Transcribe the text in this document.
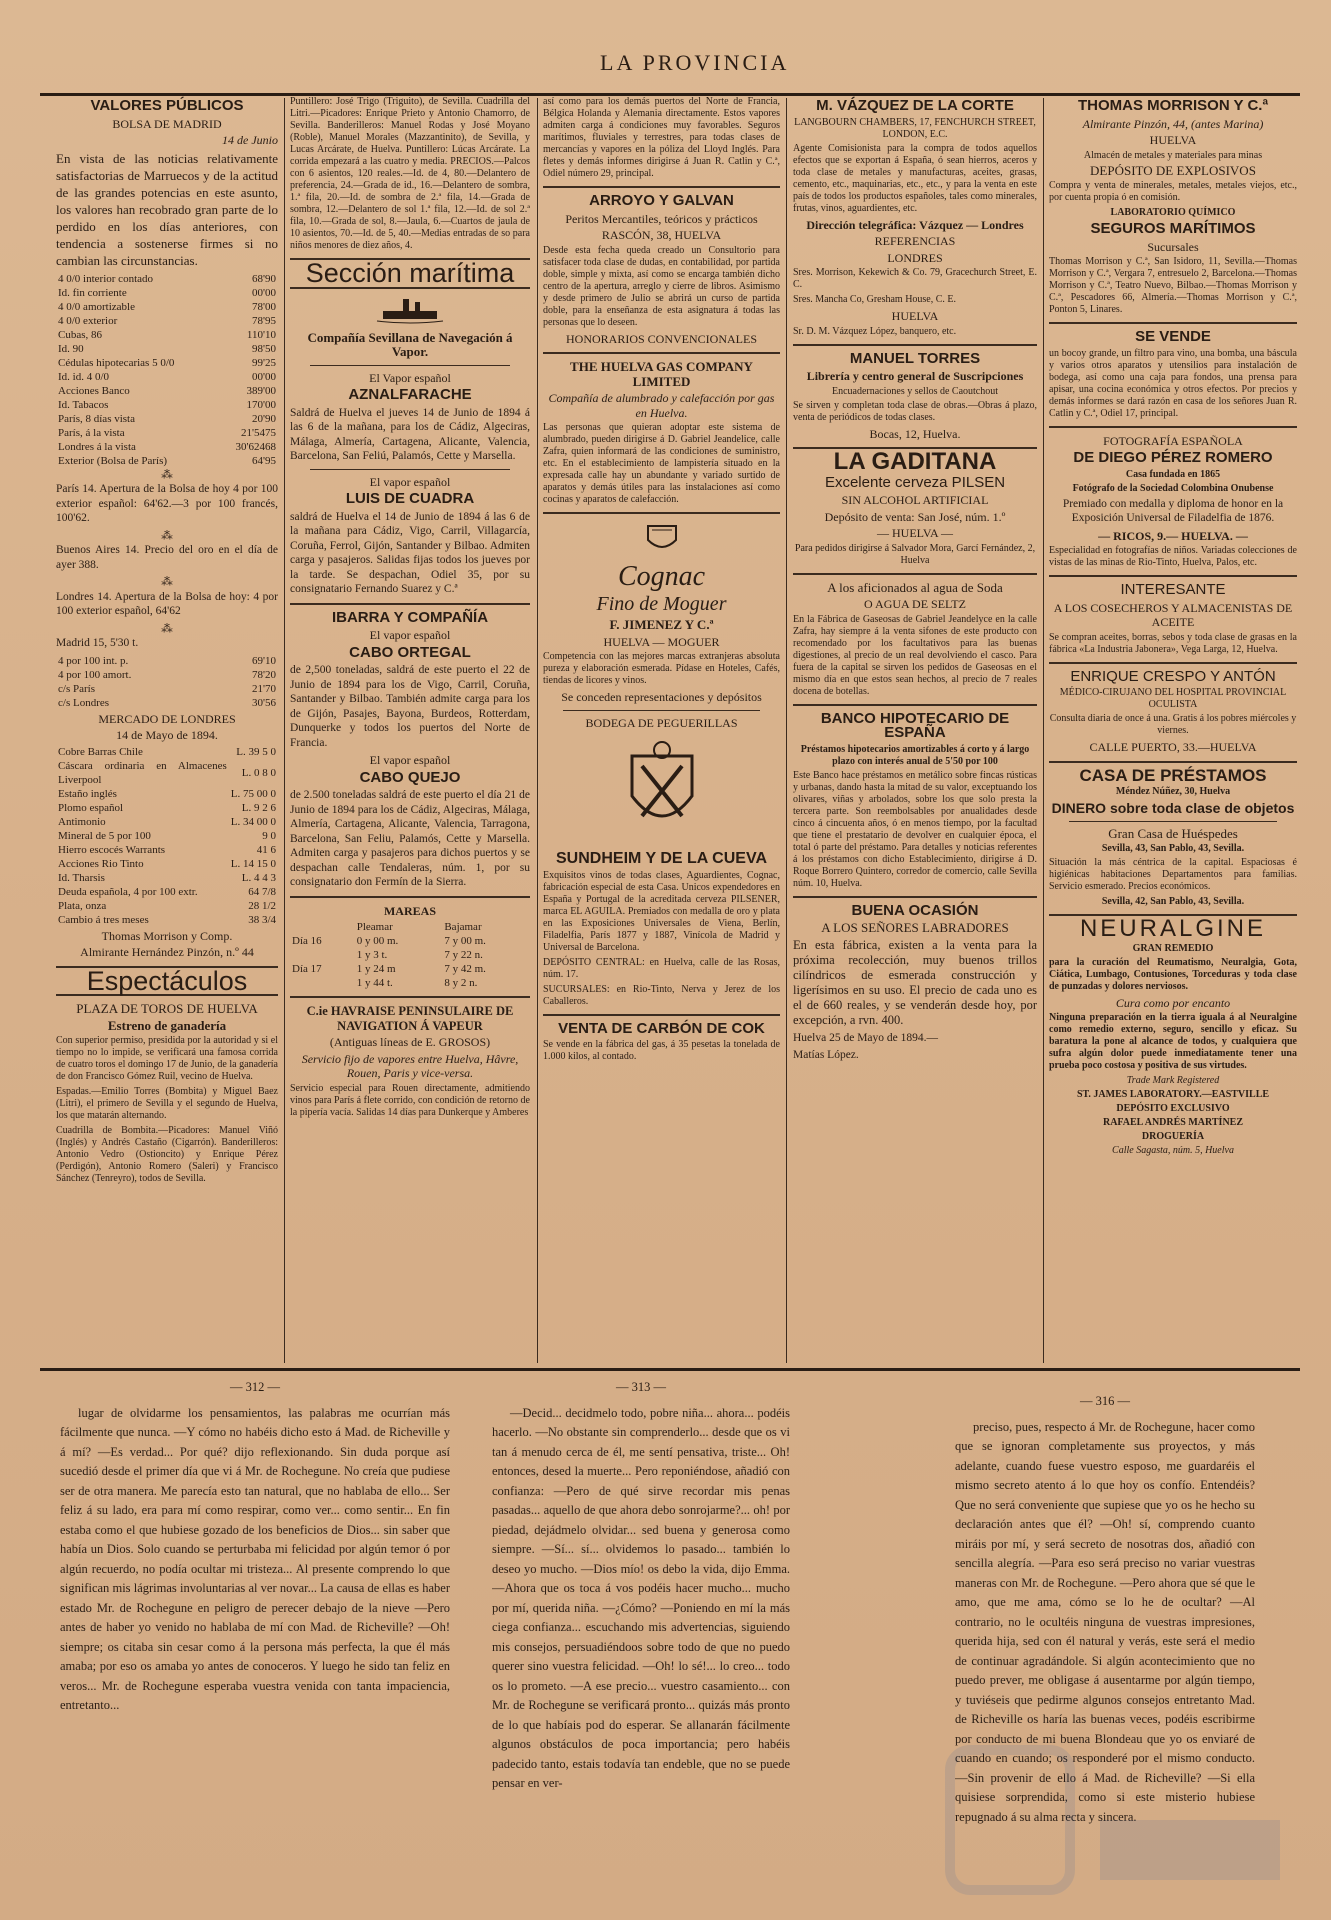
LA PROVINCIA
VALORES PÚBLICOS
BOLSA DE MADRID
14 de Junio

En vista de las noticias relativamente satisfactorias de Marruecos y de la actitud de las grandes potencias en este asunto, los valores han recobrado gran parte de lo perdido en los días anteriores, con tendencia a sostenerse firmes si no cambian las circunstancias.

4 0/0 interior contado	68'90
Id. fin corriente	00'00
4 0/0 amortizable	78'00
4 0/0 exterior	78'95
Cubas, 86	110'10
Id. 90	98'50
Cédulas hipotecarias 5 0/0	99'25
Id. id. 4 0/0	00'00
Acciones Banco	389'00
Id. Tabacos	170'00
París, 8 días vista	20'90
París, á la vista	21'5475
Londres á la vista	30'62468
Exterior (Bolsa de París)	64'95
⁂

París 14. Apertura de la Bolsa de hoy 4 por 100 exterior español: 64'62.—3 por 100 francés, 100'62.

⁂

Buenos Aires 14. Precio del oro en el día de ayer 388.

⁂

Londres 14. Apertura de la Bolsa de hoy: 4 por 100 exterior español, 64'62

⁂

Madrid 15, 5'30 t.

4 por 100 int. p.	69'10
4 por 100 amort.	78'20
c/s París	21'70
c/s Londres	30'56
MERCADO DE LONDRES
14 de Mayo de 1894.
Cobre Barras Chile	L. 39 5 0
Cáscara ordinaria en Almacenes Liverpool	L. 0 8 0
Estaño inglés	L. 75 00 0
Plomo español	L. 9 2 6
Antimonio	L. 34 00 0
Mineral de 5 por 100	9 0
Hierro escocés Warrants	41 6
Acciones Rio Tinto	L. 14 15 0
Id. Tharsis	L. 4 4 3
Deuda española, 4 por 100 extr.	64 7/8
Plata, onza	28 1/2
Cambio á tres meses	38 3/4
Thomas Morrison y Comp.
Almirante Hernández Pinzón, n.º 44
Espectáculos
PLAZA DE TOROS DE HUELVA
Estreno de ganadería

Con superior permiso, presidida por la autoridad y si el tiempo no lo impide, se verificará una famosa corrida de cuatro toros el domingo 17 de Junio, de la ganadería de don Francisco Gómez Ruil, vecino de Huelva.

Espadas.—Emilio Torres (Bombita) y Miguel Baez (Litri), el primero de Sevilla y el segundo de Huelva, los que matarán alternando.

Cuadrilla de Bombita.—Picadores: Manuel Viñó (Inglés) y Andrés Castaño (Cigarrón). Banderilleros: Antonio Vedro (Ostioncito) y Enrique Pérez (Perdigón), Antonio Romero (Saleri) y Francisco Sánchez (Tenreyro), todos de Sevilla.

Puntillero: José Trigo (Triguito), de Sevilla. Cuadrilla del Litri.—Picadores: Enrique Prieto y Antonio Chamorro, de Sevilla. Banderilleros: Manuel Rodas y José Moyano (Roble), Manuel Morales (Mazzantinito), de Sevilla, y Lucas Arcárate, de Huelva. Puntillero: Lúcas Arcárate. La corrida empezará a las cuatro y media. PRECIOS.—Palcos con 6 asientos, 120 reales.—Id. de 4, 80.—Delantero de preferencia, 24.—Grada de id., 16.—Delantero de sombra, 1.ª fila, 20.—Id. de sombra de 2.ª fila, 14.—Grada de sombra, 12.—Delantero de sol 1.ª fila, 12.—Id. de sol 2.ª fila, 10.—Grada de sol, 8.—Jaula, 6.—Cuartos de jaula de 10 asientos, 70.—Id. de 5, 40.—Medias entradas de so para niños menores de diez años, 4.

Sección marítima
Compañía Sevillana de Navegación á Vapor.
El Vapor español
AZNALFARACHE

Saldrá de Huelva el jueves 14 de Junio de 1894 á las 6 de la mañana, para los de Cádiz, Algeciras, Málaga, Almería, Cartagena, Alicante, Valencia, Barcelona, San Feliú, Palamós, Cette y Marsella.

El vapor español
LUIS DE CUADRA

saldrá de Huelva el 14 de Junio de 1894 á las 6 de la mañana para Cádiz, Vigo, Carril, Villagarcía, Coruña, Ferrol, Gijón, Santander y Bilbao. Admiten carga y pasajeros. Salidas fijas todos los jueves por la tarde. Se despachan, Odiel 35, por su consignatario Fernando Suarez y C.ª

IBARRA Y COMPAÑÍA
El vapor español
CABO ORTEGAL

de 2,500 toneladas, saldrá de este puerto el 22 de Junio de 1894 para los de Vigo, Carril, Coruña, Santander y Bilbao. También admite carga para los de Gijón, Pasajes, Bayona, Burdeos, Rotterdam, Dunquerke y todos los puertos del Norte de Francia.

El vapor español
CABO QUEJO

de 2.500 toneladas saldrá de este puerto el día 21 de Junio de 1894 para los de Cádiz, Algeciras, Málaga, Almería, Cartagena, Alicante, Valencia, Tarragona, Barcelona, San Feliu, Palamós, Cette y Marsella. Admiten carga y pasajeros para dichos puertos y se despachan calle Tendaleras, núm. 1, por su consignatario don Fermín de la Sierra.

MAREAS
	Pleamar	Bajamar
Día 16	0 y 00 m.	7 y 00 m.
	1 y 3 t.	7 y 22 n.
Día 17	1 y 24 m	7 y 42 m.
	1 y 44 t.	8 y 2 n.
C.ie HAVRAISE PENINSULAIRE DE NAVIGATION Á VAPEUR
(Antiguas líneas de E. GROSOS)
Servicio fijo de vapores entre Huelva, Hâvre, Rouen, Paris y vice-versa.

Servicio especial para Rouen directamente, admitiendo vinos para París á flete corrido, con condición de retorno de la pipería vacía. Salidas 14 días para Dunkerque y Amberes

así como para los demás puertos del Norte de Francia, Bélgica Holanda y Alemania directamente. Estos vapores admiten carga á condiciones muy favorables. Seguros marítimos, fluviales y terrestres, para todas clases de mercancías y vapores en la póliza del Lloyd Inglés. Para fletes y demás informes dirigirse á Juan R. Catlin y C.ª, Odiel número 29, principal.

ARROYO Y GALVAN
Peritos Mercantiles, teóricos y prácticos
RASCÓN, 38, HUELVA

Desde esta fecha queda creado un Consultorio para satisfacer toda clase de dudas, en contabilidad, por partida doble, simple y mixta, así como se encarga también dicho centro de la apertura, arreglo y cierre de libros. Asimismo y desde primero de Julio se abrirá un curso de partida doble, para la enseñanza de esta asignatura á todas las personas que lo deseen.

HONORARIOS CONVENCIONALES
THE HUELVA GAS COMPANY LIMITED
Compañía de alumbrado y calefacción por gas en Huelva.

Las personas que quieran adoptar este sistema de alumbrado, pueden dirigirse á D. Gabriel Jeandelice, calle Zafra, quien informará de las condiciones de suministro, etc. En el establecimiento de lampistería situado en la expresada calle hay un abundante y variado surtido de aparatos y demás útiles para las instalaciones así como cocinas y aparatos de calefacción.

Cognac
Fino de Moguer
F. JIMENEZ Y C.ª
HUELVA — MOGUER

Competencia con las mejores marcas extranjeras absoluta pureza y elaboración esmerada. Pídase en Hoteles, Cafés, tiendas de licores y vinos.

Se conceden representaciones y depósitos
BODEGA DE PEGUERILLAS
SUNDHEIM Y DE LA CUEVA

Exquisitos vinos de todas clases, Aguardientes, Cognac, fabricación especial de esta Casa. Unicos expendedores en España y Portugal de la acreditada cerveza PILSENER, marca EL AGUILA. Premiados con medalla de oro y plata en las Exposiciones Universales de Viena, Berlín, Filadelfia, París 1877 y 1887, Vinícola de Madrid y Universal de Barcelona.

DEPÓSITO CENTRAL: en Huelva, calle de las Rosas, núm. 17.

SUCURSALES: en Rio-Tinto, Nerva y Jerez de los Caballeros.

VENTA DE CARBÓN DE COK

Se vende en la fábrica del gas, á 35 pesetas la tonelada de 1.000 kilos, al contado.

M. VÁZQUEZ DE LA CORTE
LANGBOURN CHAMBERS, 17, FENCHURCH STREET, LONDON, E.C.

Agente Comisionista para la compra de todos aquellos efectos que se exportan á España, ó sean hierros, aceros y toda clase de metales y manufacturas, aceites, grasas, cemento, etc., maquinarias, etc., etc., y para la venta en este país de todos los productos españoles, tales como minerales, frutas, vinos, aguardientes, etc.

Dirección telegráfica: Vázquez — Londres
REFERENCIAS
LONDRES

Sres. Morrison, Kekewich & Co. 79, Gracechurch Street, E. C.

Sres. Mancha Co, Gresham House, C. E.

HUELVA

Sr. D. M. Vázquez López, banquero, etc.

MANUEL TORRES
Librería y centro general de Suscripciones
Encuadernaciones y sellos de Caoutchout

Se sirven y completan toda clase de obras.—Obras á plazo, venta de periódicos de todas clases.

Bocas, 12, Huelva.
LA GADITANA
Excelente cerveza PILSEN
SIN ALCOHOL ARTIFICIAL
Depósito de venta: San José, núm. 1.º
— HUELVA —
Para pedidos dirigirse á Salvador Mora, Garcí Fernández, 2, Huelva
A los aficionados al agua de Soda
O AGUA DE SELTZ

En la Fábrica de Gaseosas de Gabriel Jeandelyce en la calle Zafra, hay siempre á la venta sifones de este producto con recomendado por los facultativos para las buenas digestiones, al precio de un real devolviendo el casco. Para fuera de la capital se sirven los pedidos de Gaseosas en el mismo día en que estos sean hechos, al precio de 7 reales docena de botellas.

BANCO HIPOTECARIO DE ESPAÑA
Préstamos hipotecarios amortizables á corto y á largo plazo con interés anual de 5'50 por 100

Este Banco hace préstamos en metálico sobre fincas rústicas y urbanas, dando hasta la mitad de su valor, exceptuando los olivares, viñas y arbolados, sobre los que solo presta la tercera parte. Son reembolsables por anualidades desde cinco á cincuenta años, ó en menos tiempo, por la facultad que tiene el prestatario de devolver en cualquier época, el total ó parte del préstamo. Para detalles y noticias referentes á los préstamos con dicho Establecimiento, dirigirse á D. Roque Borrero Quintero, corredor de comercio, calle Sevilla núm. 10, Huelva.

BUENA OCASIÓN
A LOS SEÑORES LABRADORES

En esta fábrica, existen a la venta para la próxima recolección, muy buenos trillos cilíndricos de esmerada construcción y ligerísimos en su uso. El precio de cada uno es el de 660 reales, y se venderán desde hoy, por excepción, a rvn. 400.

Huelva 25 de Mayo de 1894.—

Matías López.

THOMAS MORRISON Y C.ª
Almirante Pinzón, 44, (antes Marina)
HUELVA
Almacén de metales y materiales para minas
DEPÓSITO DE EXPLOSIVOS

Compra y venta de minerales, metales, metales viejos, etc., por cuenta propia ó en comisión.

LABORATORIO QUÍMICO
SEGUROS MARÍTIMOS
Sucursales

Thomas Morrison y C.ª, San Isidoro, 11, Sevilla.—Thomas Morrison y C.ª, Vergara 7, entresuelo 2, Barcelona.—Thomas Morrison y C.ª, Teatro Nuevo, Bilbao.—Thomas Morrison y C.ª, Pescadores 66, Almería.—Thomas Morrison y C.ª, Ponton 5, Linares.

SE VENDE

un bocoy grande, un filtro para vino, una bomba, una báscula y varios otros aparatos y utensilios para instalación de bodega, así como una caja para fondos, una prensa para apisar, una cocina económica y otros efectos. Por precios y demás informes se dará razón en casa de los señores Juan R. Catlin y C.ª, Odiel 17, principal.

FOTOGRAFÍA ESPAÑOLA
DE DIEGO PÉREZ ROMERO
Casa fundada en 1865
Fotógrafo de la Sociedad Colombina Onubense

Premiado con medalla y diploma de honor en la Exposición Universal de Filadelfia de 1876.

— RICOS, 9.— HUELVA. —

Especialidad en fotografías de niños. Variadas colecciones de vistas de las minas de Rio-Tinto, Huelva, Palos, etc.

INTERESANTE
A LOS COSECHEROS Y ALMACENISTAS DE ACEITE

Se compran aceites, borras, sebos y toda clase de grasas en la fábrica «La Industria Jabonera», Vega Larga, 12, Huelva.

ENRIQUE CRESPO Y ANTÓN
MÉDICO-CIRUJANO DEL HOSPITAL PROVINCIAL OCULISTA

Consulta diaria de once á una. Gratis á los pobres miércoles y viernes.

CALLE PUERTO, 33.—HUELVA
CASA DE PRÉSTAMOS
Méndez Núñez, 30, Huelva
DINERO sobre toda clase de objetos
Gran Casa de Huéspedes
Sevilla, 43, San Pablo, 43, Sevilla.

Situación la más céntrica de la capital. Espaciosas é higiénicas habitaciones Departamentos para familias. Servicio esmerado. Precios económicos.

Sevilla, 42, San Pablo, 43, Sevilla.
NEURALGINE
GRAN REMEDIO

para la curación del Reumatismo, Neuralgia, Gota, Ciática, Lumbago, Contusiones, Torceduras y toda clase de punzadas y dolores nerviosos.

Cura como por encanto

Ninguna preparación en la tierra iguala á al Neuralgine como remedio externo, seguro, sencillo y eficaz. Su baratura la pone al alcance de todos, y cualquiera que sufra algún dolor puede inmediatamente tener una prueba poco costosa y positiva de sus virtudes.

Trade Mark Registered
ST. JAMES LABORATORY.—EASTVILLE
DEPÓSITO EXCLUSIVO
RAFAEL ANDRÉS MARTÍNEZ
DROGUERÍA
Calle Sagasta, núm. 5, Huelva
— 312 —

lugar de olvidarme los pensamientos, las palabras me ocurrían más fácilmente que nunca. —Y cómo no habéis dicho esto á Mad. de Richeville y á mí? —Es verdad... Por qué? dijo reflexionando. Sin duda porque así sucedió desde el primer día que vi á Mr. de Rochegune. No creía que pudiese ser de otra manera. Me parecía esto tan natural, que no hablaba de ello... Ser feliz á su lado, era para mí como respirar, como ver... como sentir... En fin estaba como el que hubiese gozado de los beneficios de Dios... sin saber que había un Dios. Solo cuando se perturbaba mi felicidad por algún temor ó por algún recuerdo, no podía ocultar mi tristeza... Al presente comprendo lo que significan mis lágrimas involuntarias al ver novar... La causa de ellas es haber estado Mr. de Rochegune en peligro de perecer debajo de la nieve —Pero antes de haber yo venido no hablaba de mí con Mad. de Richeville? —Oh! siempre; os citaba sin cesar como á la persona más perfecta, la que él más amaba; por eso os amaba yo antes de conoceros. Y luego he sido tan feliz en veros... Mr. de Rochegune esperaba vuestra venida con tanta impaciencia, entretanto...

— 313 —

—Decid... decidmelo todo, pobre niña... ahora... podéis hacerlo. —No obstante sin comprenderlo... desde que os vi tan á menudo cerca de él, me sentí pensativa, triste... Oh! entonces, desed la muerte... Pero reponiéndose, añadió con confianza: —Pero de qué sirve recordar mis penas pasadas... aquello de que ahora debo sonrojarme?... oh! por piedad, dejádmelo olvidar... sed buena y generosa como siempre. —Sí... sí... olvidemos lo pasado... también lo deseo yo mucho. —Dios mío! os debo la vida, dijo Emma. —Ahora que os toca á vos podéis hacer mucho... mucho por mí, querida niña. —¿Cómo? —Poniendo en mí la más ciega confianza... escuchando mis advertencias, siguiendo mis consejos, persuadiéndoos sobre todo de que no puedo querer sino vuestra felicidad. —Oh! lo sé!... lo creo... todo os lo prometo. —A ese precio... vuestro casamiento... con Mr. de Rochegune se verificará pronto... quizás más pronto de lo que habíais pod do esperar. Se allanarán fácilmente algunos obstáculos de poca importancia; pero habéis padecido tanto, estais todavía tan endeble, que no se puede pensar en ver-

— 316 —

preciso, pues, respecto á Mr. de Rochegune, hacer como que se ignoran completamente sus proyectos, y más adelante, cuando fuese vuestro esposo, me guardaréis el mismo secreto atento á lo que hoy os confío. Entendéis? Que no será conveniente que supiese que yo os he hecho su declaración antes que él? —Oh! sí, comprendo cuanto miráis por mí, y será secreto de nosotras dos, añadió con sencilla alegría. —Para eso será preciso no variar vuestras maneras con Mr. de Rochegune. —Pero ahora que sé que le amo, que me ama, cómo se lo he de ocultar? —Al contrario, no le ocultéis ninguna de vuestras impresiones, querida hija, sed con él natural y verás, este será el medio de continuar agradándole. Si algún acontecimiento que no puedo prever, me obligase á ausentarme por algún tiempo, y tuviéseis que pedirme algunos consejos entretanto Mad. de Richeville os haría las buenas veces, podéis escribirme por conducto de mi buena Blondeau que yo os enviaré de cuando en cuando; os responderé por el mismo conducto. —Sin provenir de ello á Mad. de Richeville? —Si ella quisiese sorprendida, como si este misterio hubiese repugnado á su alma recta y sincera.
